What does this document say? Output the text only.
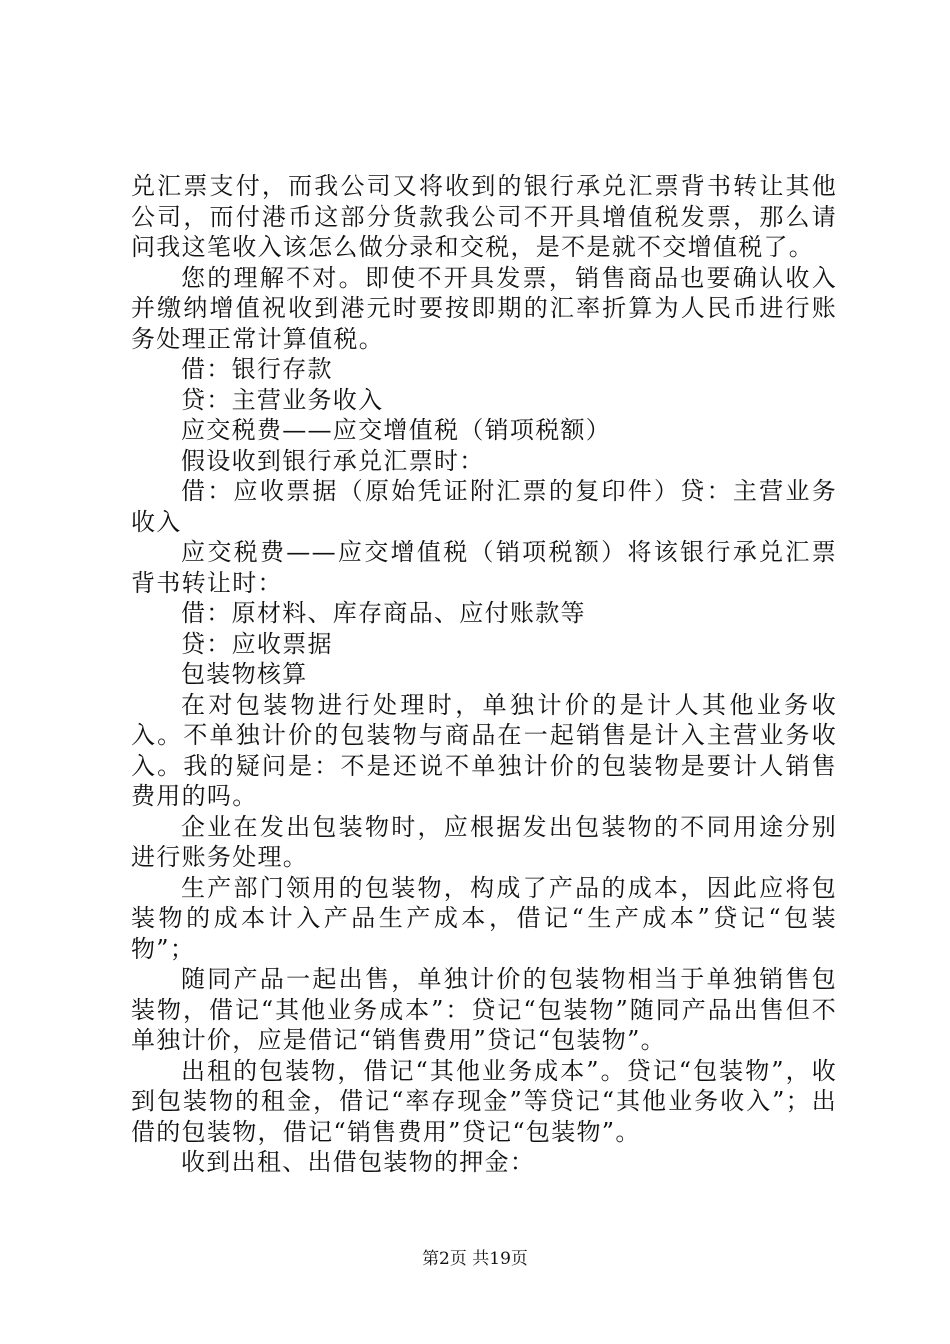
兑汇票支付，而我公司又将收到的银行承兑汇票背书转让其他公司，而付港币这部分货款我公司不开具增值税发票，那么请问我这笔收入该怎么做分录和交税，是不是就不交增值税了。

您的理解不对。即使不开具发票，销售商品也要确认收入并缴纳增值祝收到港元时要按即期的汇率折算为人民币进行账务处理正常计算值税。

借：银行存款

贷：主营业务收入

应交税费——应交增值税（销项税额）

假设收到银行承兑汇票时：

借：应收票据（原始凭证附汇票的复印件）贷：主营业务收入

应交税费——应交增值税（销项税额）将该银行承兑汇票背书转让时：

借：原材料、库存商品、应付账款等

贷：应收票据

包装物核算

在对包装物进行处理时，单独计价的是计人其他业务收入。不单独计价的包装物与商品在一起销售是计入主营业务收入。我的疑问是：不是还说不单独计价的包装物是要计人销售费用的吗。

企业在发出包装物时，应根据发出包装物的不同用途分别进行账务处理。

生产部门领用的包装物，构成了产品的成本，因此应将包装物的成本计入产品生产成本，借记“生产成本”贷记“包装物”；

随同产品一起出售，单独计价的包装物相当于单独销售包装物，借记“其他业务成本”：贷记“包装物”随同产品出售但不单独计价，应是借记“销售费用”贷记“包装物”。

出租的包装物，借记“其他业务成本”。贷记“包装物”，收到包装物的租金，借记“率存现金”等贷记“其他业务收入”；出借的包装物，借记“销售费用”贷记“包装物”。

收到出租、出借包装物的押金：

第2页 共19页
